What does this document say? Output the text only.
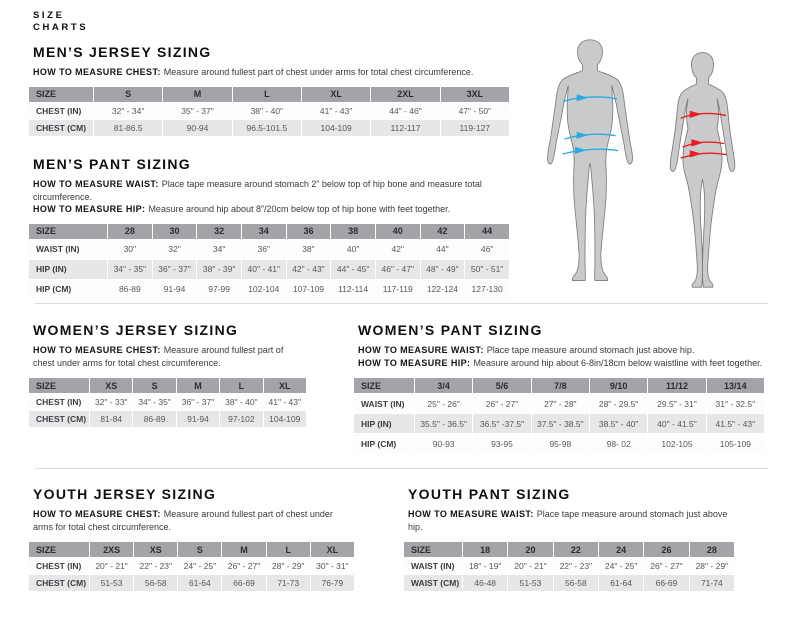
SIZE
CHARTS
MEN’S JERSEY SIZING

HOW TO MEASURE CHEST: Measure around fullest part of chest under arms for total chest circumference.

SIZE	S	M	L	XL	2XL	3XL
CHEST (IN)	32" - 34"	35" - 37"	38" - 40"	41" - 43"	44" - 46"	47" - 50"
CHEST (CM)	81-86.5	90-94	96.5-101.5	104-109	112-117	119-127
MEN’S PANT SIZING

HOW TO MEASURE WAIST: Place tape measure around stomach 2” below top of hip bone and measure total circumference.

HOW TO MEASURE HIP: Measure around hip about 8”/20cm below top of hip bone with feet together.

SIZE	28	30	32	34	36	38	40	42	44
WAIST (IN)	30"	32"	34"	36"	38"	40"	42"	44"	46"
HIP (IN)	34" - 35"	36" - 37"	38" - 39"	40" - 41"	42" - 43"	44" - 45"	46" - 47"	48" - 49"	50" - 51"
HIP (CM)	86-89	91-94	97-99	102-104	107-109	112-114	117-119	122-124	127-130
WOMEN’S JERSEY SIZING

HOW TO MEASURE CHEST: Measure around fullest part of chest under arms for total chest circumference.

SIZE	XS	S	M	L	XL
CHEST (IN)	32" - 33"	34" - 35"	36" - 37"	38" - 40"	41" - 43"
CHEST (CM)	81-84	86-89	91-94	97-102	104-109
WOMEN’S PANT SIZING

HOW TO MEASURE WAIST: Place tape measure around stomach just above hip.

HOW TO MEASURE HIP: Measure around hip about 6-8in/18cm below waistline with feet together.

SIZE	3/4	5/6	7/8	9/10	11/12	13/14
WAIST (IN)	25" - 26"	26" - 27"	27" - 28"	28" - 29.5"	29.5" - 31"	31" - 32.5"
HIP (IN)	35.5" - 36.5"	36.5" -37.5"	37.5" - 38.5"	38.5" - 40"	40" - 41.5"	41.5" - 43"
HIP (CM)	90-93	93-95	95-98	98- 02	102-105	105-109
YOUTH JERSEY SIZING

HOW TO MEASURE CHEST: Measure around fullest part of chest under arms for total chest circumference.

SIZE	2XS	XS	S	M	L	XL
CHEST (IN)	20" - 21"	22" - 23"	24" - 25"	26" - 27"	28" - 29"	30" - 31"
CHEST (CM)	51-53	56-58	61-64	66-69	71-73	76-79
YOUTH PANT SIZING

HOW TO MEASURE WAIST: Place tape measure around stomach just above hip.

SIZE	18	20	22	24	26	28
WAIST (IN)	18" - 19"	20" - 21"	22" - 23"	24" - 25"	26" - 27"	28" - 29"
WAIST (CM)	46-48	51-53	56-58	61-64	66-69	71-74
